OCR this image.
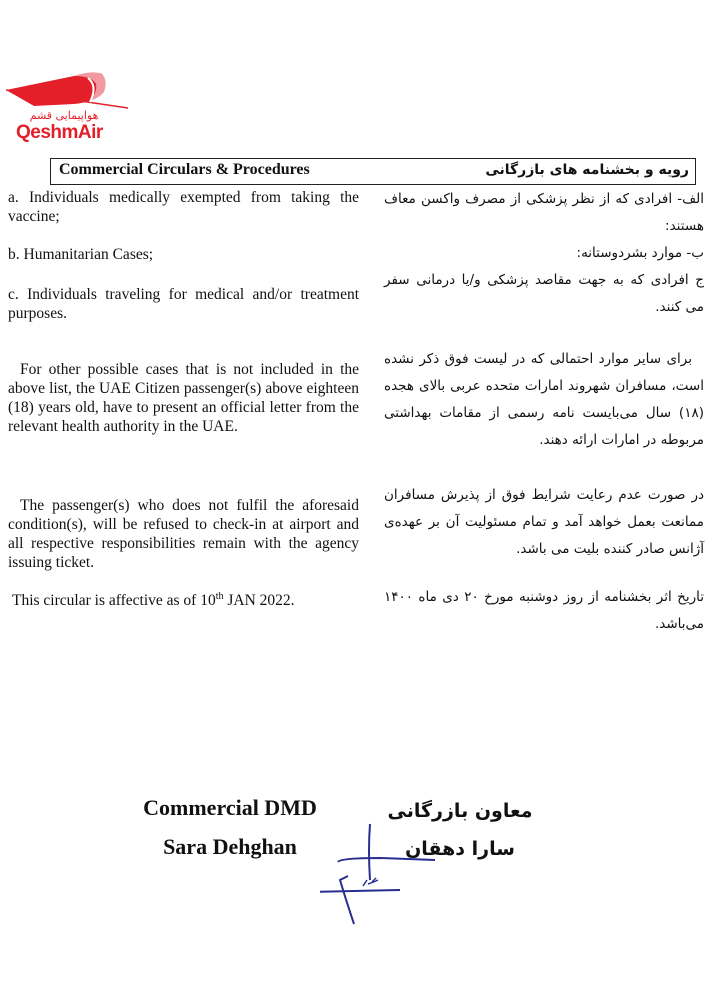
هواپیمایی قشم
QeshmAir
Commercial Circulars & Procedures	رویه و بخشنامه های بازرگانی
a. Individuals medically exempted from taking the vaccine;
b. Humanitarian Cases;
c. Individuals traveling for medical and/or treatment purposes.
For other possible cases that is not included in the above list, the UAE Citizen passenger(s) above eighteen (18) years old, have to present an official letter from the relevant health authority in the UAE.
The passenger(s) who does not fulfil the aforesaid condition(s), will be refused to check-in at airport and all respective responsibilities remain with the agency issuing ticket.
This circular is affective as of 10th JAN 2022.
الف- افرادی که از نظر پزشکی از مصرف واکسن معاف هستند:
ب- موارد بشردوستانه:
ج افرادی که به جهت مقاصد پزشکی و/یا درمانی سفر می کنند.
برای سایر موارد احتمالی که در لیست فوق ذکر نشده است، مسافران شهروند امارات متحده عربی بالای هجده (۱۸) سال می‌بایست نامه رسمی از مقامات بهداشتی مربوطه در امارات ارائه دهند.
در صورت عدم رعایت شرایط فوق از پذیرش مسافران ممانعت بعمل خواهد آمد و تمام مسئولیت آن بر عهده‌ی آژانس صادر کننده بلیت می باشد.
تاریخ اثر بخشنامه از روز دوشنبه مورخ ۲۰ دی ماه ۱۴۰۰ می‌باشد.
Commercial DMD
Sara Dehghan
معاون بازرگانی
سارا دهقان
